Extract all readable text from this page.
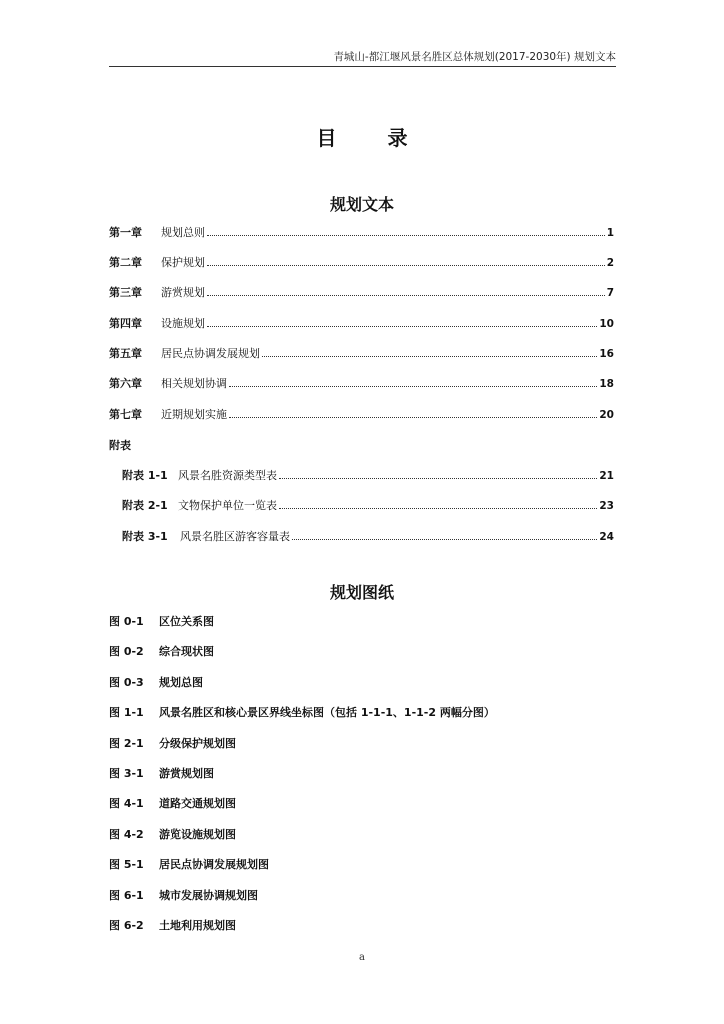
青城山-都江堰风景名胜区总体规划(2017-2030年) 规划文本
目 录
规划文本
第一章	规划总则	1
第二章	保护规划	2
第三章	游赏规划	7
第四章	设施规划	10
第五章	居民点协调发展规划	16
第六章	相关规划协调	18
第七章	近期规划实施	20
附表
附表 1-1 风景名胜资源类型表	21
附表 2-1 文物保护单位一览表	23
附表 3-1	风景名胜区游客容量表	24
规划图纸
图 0-1 区位关系图
图 0-2 综合现状图
图 0-3 规划总图
图 1-1 风景名胜区和核心景区界线坐标图（包括 1-1-1、1-1-2 两幅分图）
图 2-1 分级保护规划图
图 3-1 游赏规划图
图 4-1 道路交通规划图
图 4-2 游览设施规划图
图 5-1 居民点协调发展规划图
图 6-1 城市发展协调规划图
图 6-2 土地利用规划图
a
